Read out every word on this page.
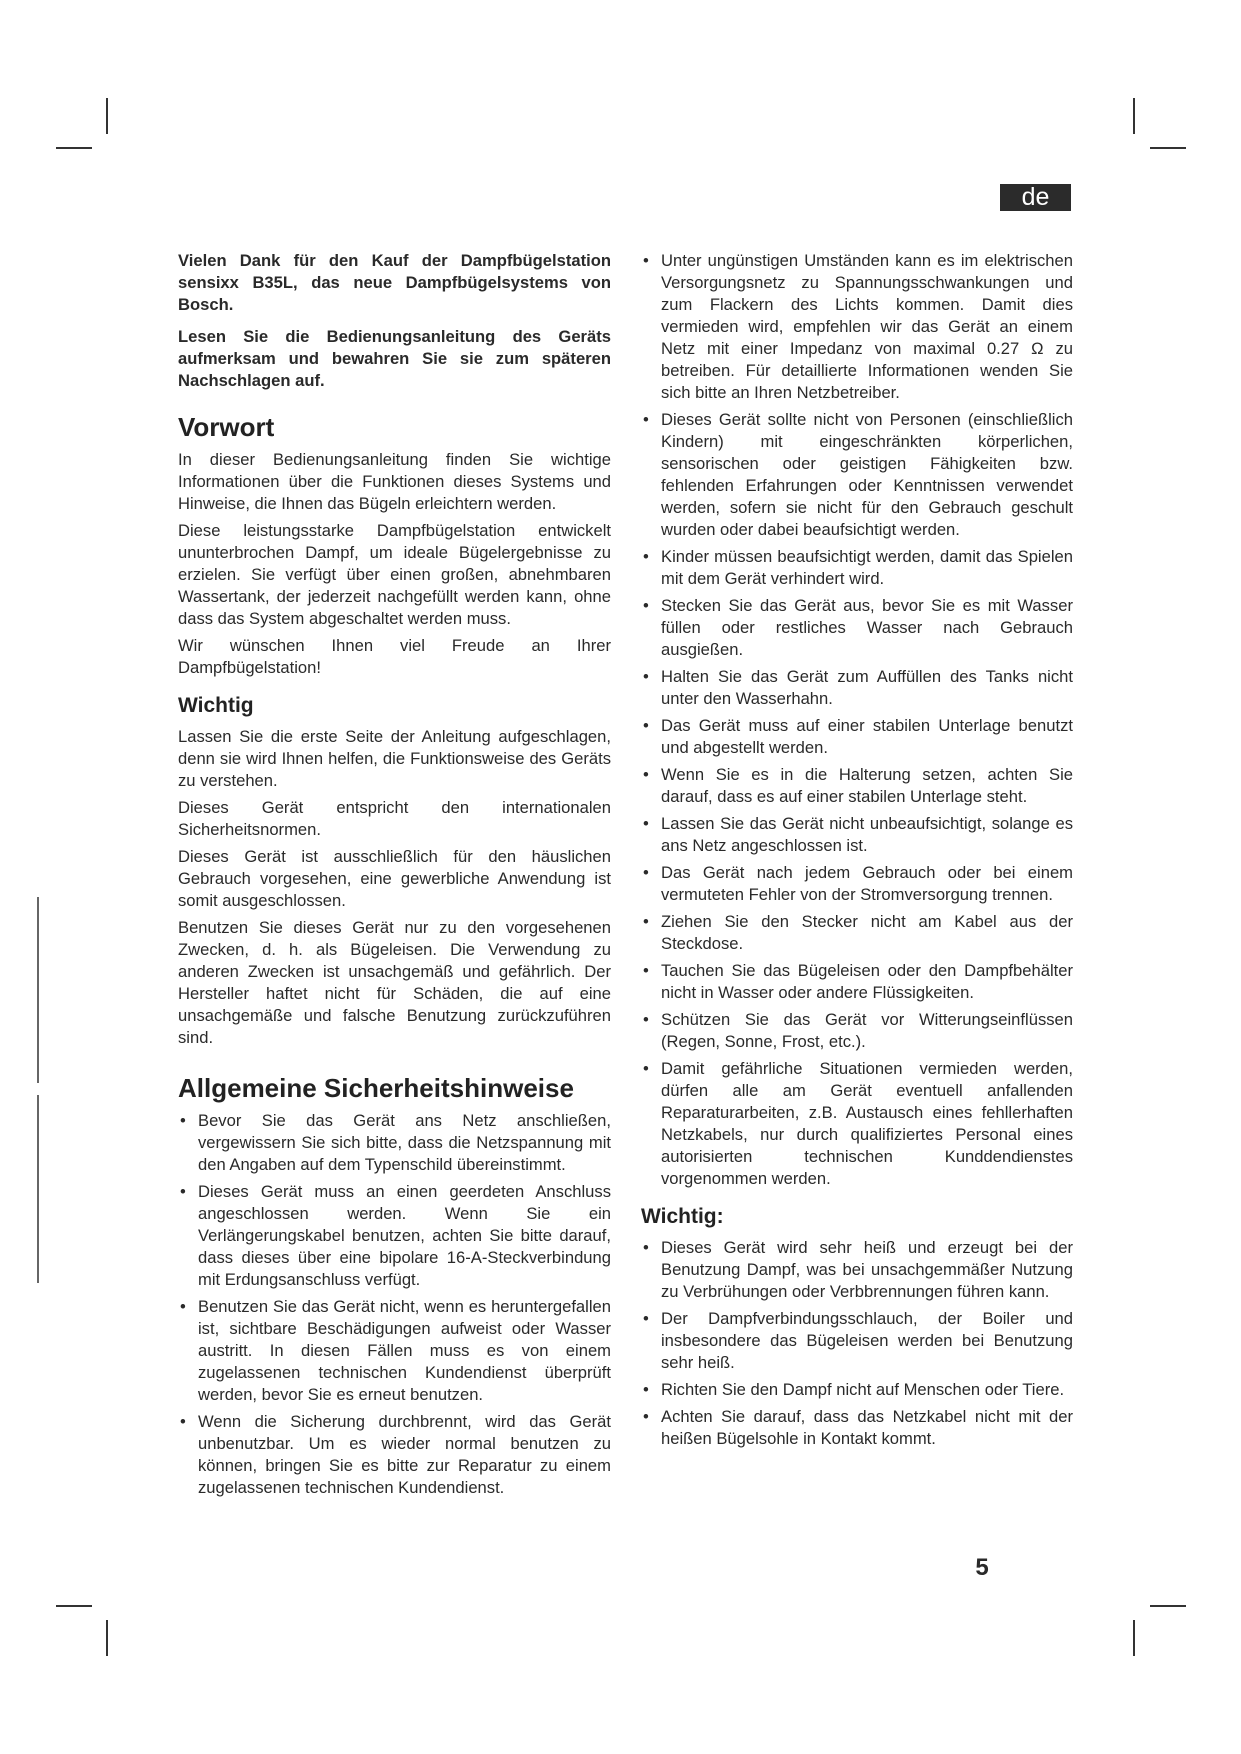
de

Vielen Dank für den Kauf der Dampfbügelstation sensixx B35L, das neue Dampfbügelsystems von Bosch.

Lesen Sie die Bedienungsanleitung des Geräts aufmerksam und bewahren Sie sie zum späteren Nachschlagen auf.

Vorwort

In dieser Bedienungsanleitung finden Sie wichtige Informationen über die Funktionen dieses Systems und Hinweise, die Ihnen das Bügeln erleichtern werden.

Diese leistungsstarke Dampfbügelstation entwickelt ununterbrochen Dampf, um ideale Bügelergebnisse zu erzielen. Sie verfügt über einen großen, abnehmbaren Wassertank, der jederzeit nachgefüllt werden kann, ohne dass das System abgeschaltet werden muss.

Wir wünschen Ihnen viel Freude an Ihrer Dampfbügelstation!

Wichtig

Lassen Sie die erste Seite der Anleitung aufgeschlagen, denn sie wird Ihnen helfen, die Funktionsweise des Geräts zu verstehen.

Dieses Gerät entspricht den internationalen Sicherheitsnormen.

Dieses Gerät ist ausschließlich für den häuslichen Gebrauch vorgesehen, eine gewerbliche Anwendung ist somit ausgeschlossen.

Benutzen Sie dieses Gerät nur zu den vorgesehenen Zwecken, d. h. als Bügeleisen. Die Verwendung zu anderen Zwecken ist unsachgemäß und gefährlich. Der Hersteller haftet nicht für Schäden, die auf eine unsachgemäße und falsche Benutzung zurückzuführen sind.

Allgemeine Sicherheitshinweise
• Bevor Sie das Gerät ans Netz anschließen, vergewissern Sie sich bitte, dass die Netzspannung mit den Angaben auf dem Typenschild übereinstimmt.
• Dieses Gerät muss an einen geerdeten Anschluss angeschlossen werden. Wenn Sie ein Verlängerungskabel benutzen, achten Sie bitte darauf, dass dieses über eine bipolare 16-A-Steckverbindung mit Erdungsanschluss verfügt.
• Benutzen Sie das Gerät nicht, wenn es heruntergefallen ist, sichtbare Beschädigungen aufweist oder Wasser austritt. In diesen Fällen muss es von einem zugelassenen technischen Kundendienst überprüft werden, bevor Sie es erneut benutzen.
• Wenn die Sicherung durchbrennt, wird das Gerät unbenutzbar. Um es wieder normal benutzen zu können, bringen Sie es bitte zur Reparatur zu einem zugelassenen technischen Kundendienst.
• Unter ungünstigen Umständen kann es im elektrischen Versorgungsnetz zu Spannungsschwankungen und zum Flackern des Lichts kommen. Damit dies vermieden wird, empfehlen wir das Gerät an einem Netz mit einer Impedanz von maximal 0.27 Ω zu betreiben. Für detaillierte Informationen wenden Sie sich bitte an Ihren Netzbetreiber.
• Dieses Gerät sollte nicht von Personen (einschließlich Kindern) mit eingeschränkten körperlichen, sensorischen oder geistigen Fähigkeiten bzw. fehlenden Erfahrungen oder Kenntnissen verwendet werden, sofern sie nicht für den Gebrauch geschult wurden oder dabei beaufsichtigt werden.
• Kinder müssen beaufsichtigt werden, damit das Spielen mit dem Gerät verhindert wird.
• Stecken Sie das Gerät aus, bevor Sie es mit Wasser füllen oder restliches Wasser nach Gebrauch ausgießen.
• Halten Sie das Gerät zum Auffüllen des Tanks nicht unter den Wasserhahn.
• Das Gerät muss auf einer stabilen Unterlage benutzt und abgestellt werden.
• Wenn Sie es in die Halterung setzen, achten Sie darauf, dass es auf einer stabilen Unterlage steht.
• Lassen Sie das Gerät nicht unbeaufsichtigt, solange es ans Netz angeschlossen ist.
• Das Gerät nach jedem Gebrauch oder bei einem vermuteten Fehler von der Stromversorgung trennen.
• Ziehen Sie den Stecker nicht am Kabel aus der Steckdose.
• Tauchen Sie das Bügeleisen oder den Dampfbehälter nicht in Wasser oder andere Flüssigkeiten.
• Schützen Sie das Gerät vor Witterungseinflüssen (Regen, Sonne, Frost, etc.).
• Damit gefährliche Situationen vermieden werden, dürfen alle am Gerät eventuell anfallenden Reparaturarbeiten, z.B. Austausch eines fehllerhaften Netzkabels, nur durch qualifiziertes Personal eines autorisierten technischen Kunddendienstes vorgenommen werden.
Wichtig:
• Dieses Gerät wird sehr heiß und erzeugt bei der Benutzung Dampf, was bei unsachgemmäßer Nutzung zu Verbrühungen oder Verbbrennungen führen kann.
• Der Dampfverbindungsschlauch, der Boiler und insbesondere das Bügeleisen werden bei Benutzung sehr heiß.
• Richten Sie den Dampf nicht auf Menschen oder Tiere.
• Achten Sie darauf, dass das Netzkabel nicht mit der heißen Bügelsohle in Kontakt kommt.
5
